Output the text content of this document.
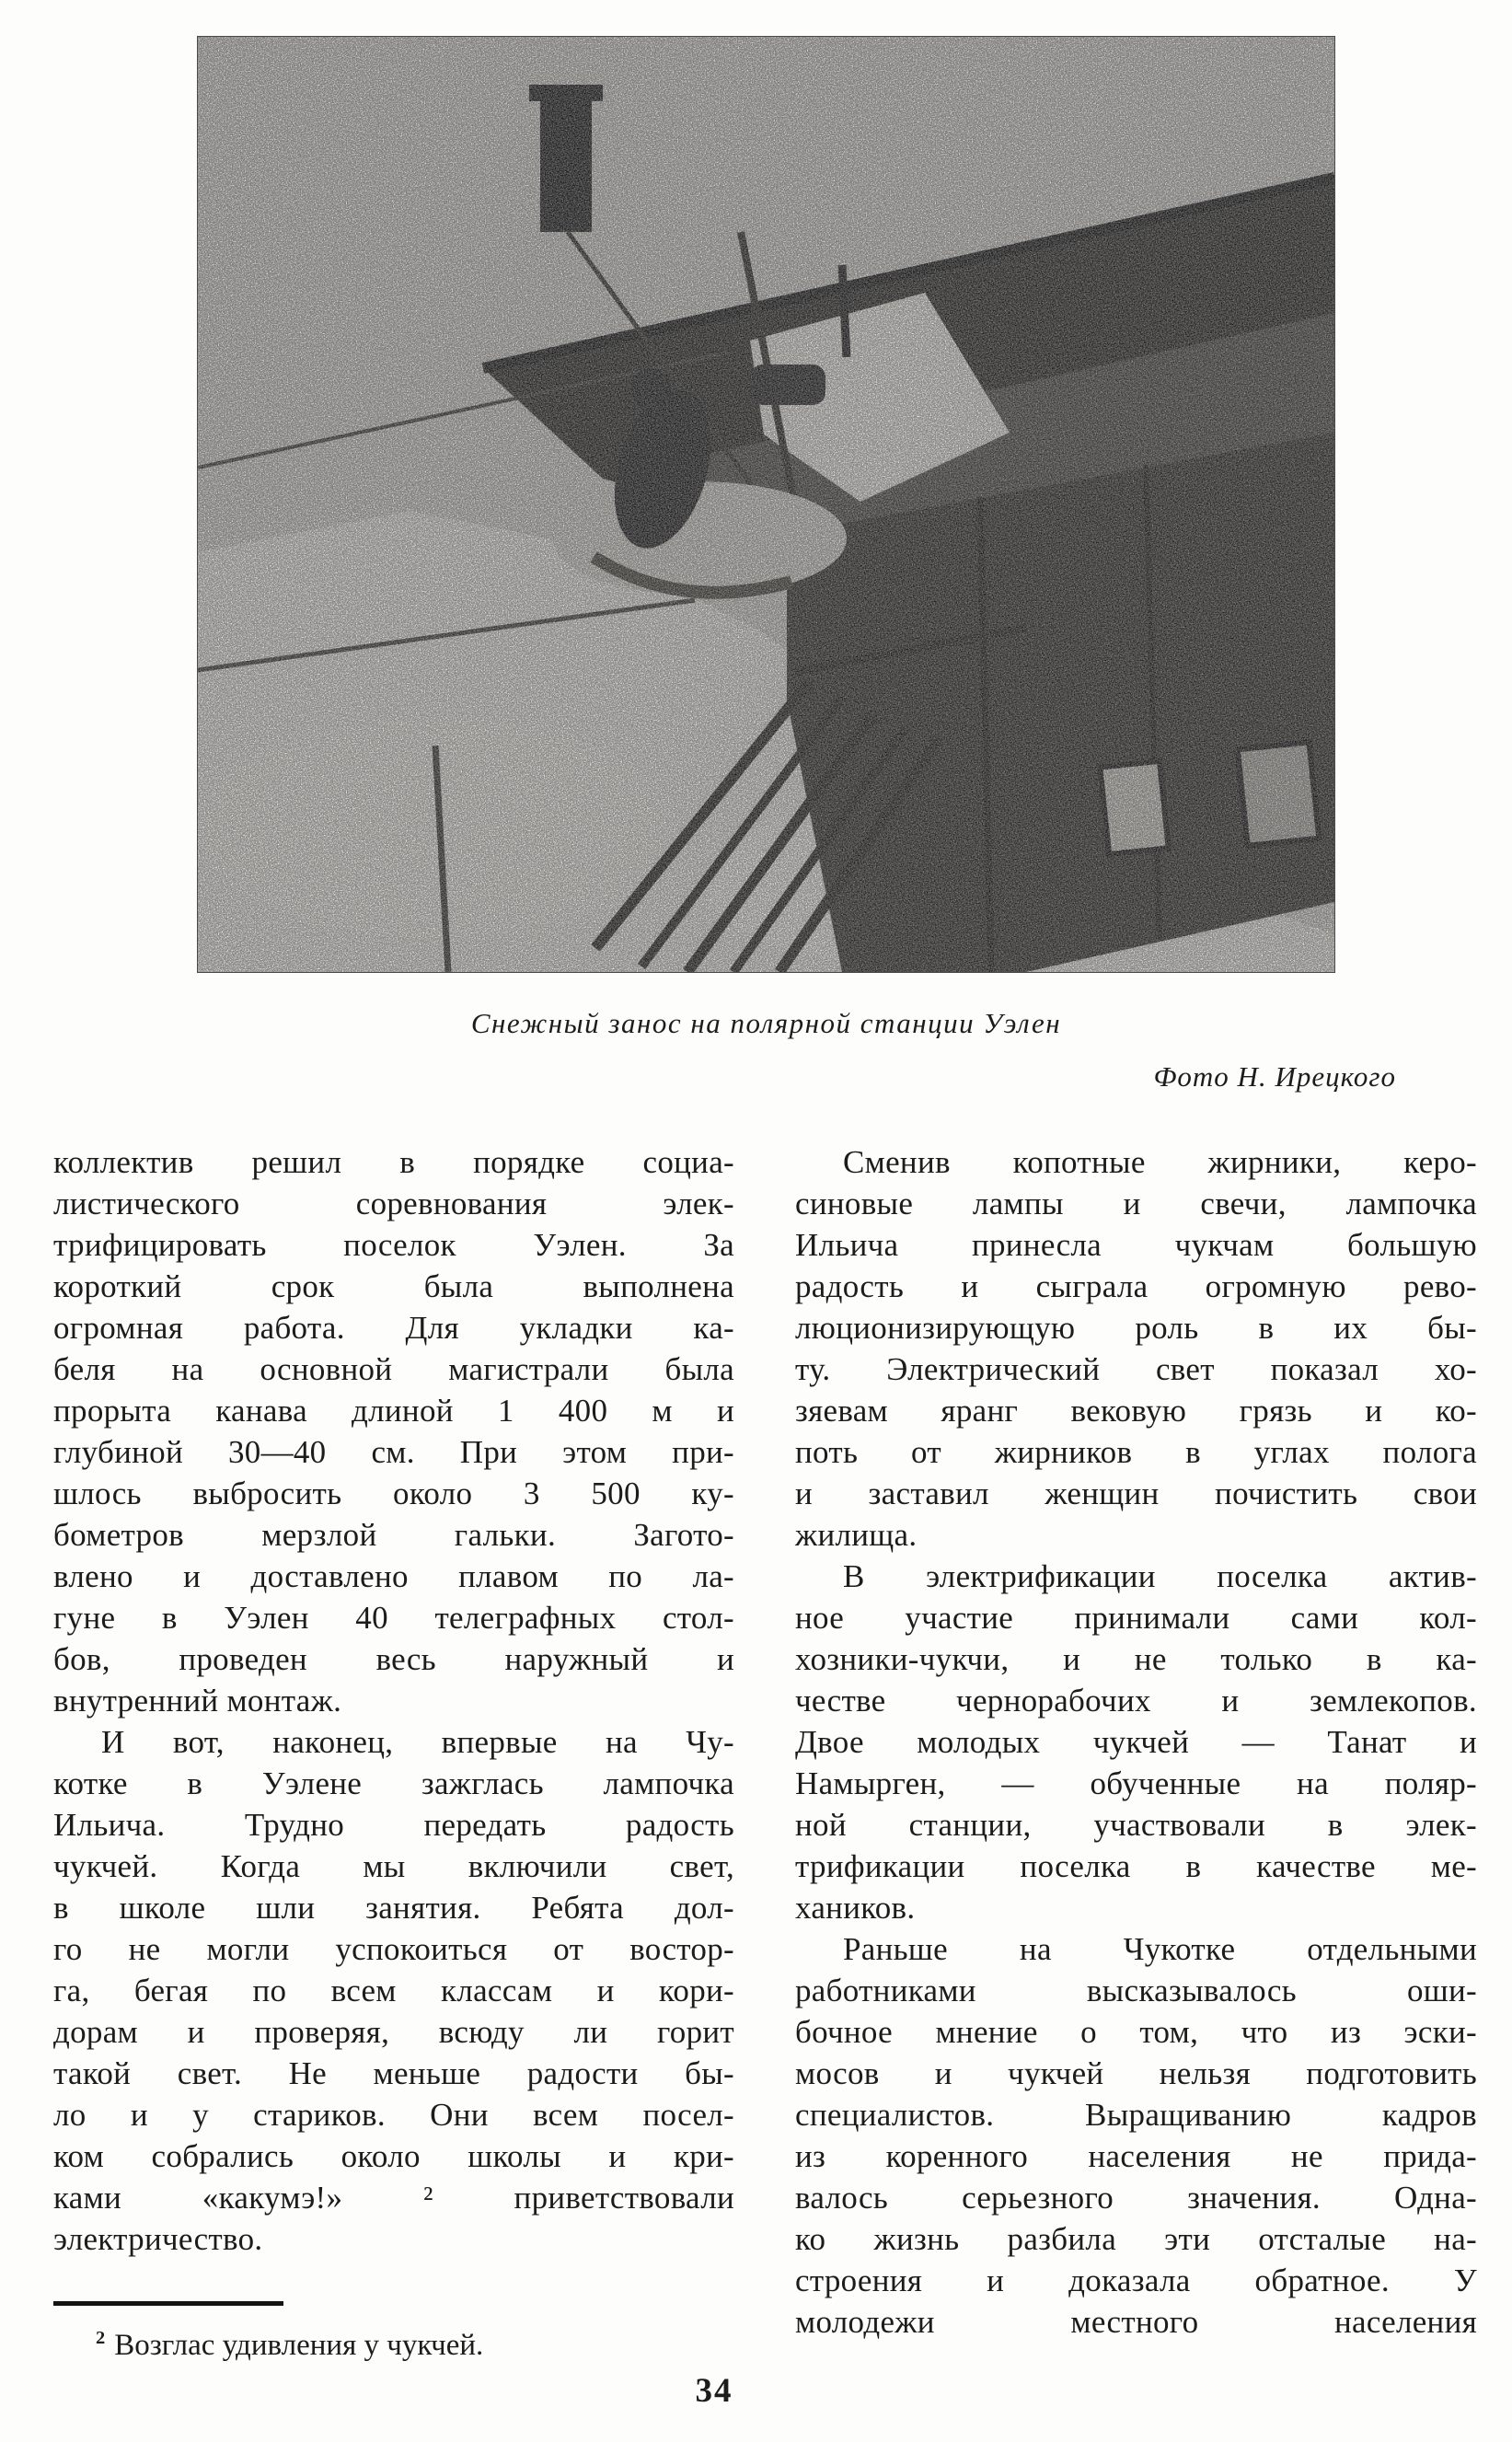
Снежный занос на полярной станции Уэлен
Фото Н. Ирецкого
коллектив решил в порядке социа-
листического соревнования элек-
трифицировать поселок Уэлен. За
короткий срок была выполнена
огромная работа. Для укладки ка-
беля на основной магистрали была
прорыта канава длиной 1 400 м и
глубиной 30—40 см. При этом при-
шлось выбросить около 3 500 ку-
бометров мерзлой гальки. Загото-
влено и доставлено плавом по ла-
гуне в Уэлен 40 телеграфных стол-
бов, проведен весь наружный и
внутренний монтаж.
И вот, наконец, впервые на Чу-
котке в Уэлене зажглась лампочка
Ильича. Трудно передать радость
чукчей. Когда мы включили свет,
в школе шли занятия. Ребята дол-
го не могли успокоиться от востор-
га, бегая по всем классам и кори-
дорам и проверяя, всюду ли горит
такой свет. Не меньше радости бы-
ло и у стариков. Они всем посел-
ком собрались около школы и кри-
ками «какумэ!» ² приветствовали
электричество.
Сменив копотные жирники, керо-
синовые лампы и свечи, лампочка
Ильича принесла чукчам большую
радость и сыграла огромную рево-
люционизирующую роль в их бы-
ту. Электрический свет показал хо-
зяевам яранг вековую грязь и ко-
поть от жирников в углах полога
и заставил женщин почистить свои
жилища.
В электрификации поселка актив-
ное участие принимали сами кол-
хозники-чукчи, и не только в ка-
честве чернорабочих и землекопов.
Двое молодых чукчей — Танат и
Намырген, — обученные на поляр-
ной станции, участвовали в элек-
трификации поселка в качестве ме-
хаников.
Раньше на Чукотке отдельными
работниками высказывалось оши-
бочное мнение о том, что из эски-
мосов и чукчей нельзя подготовить
специалистов. Выращиванию кадров
из коренного населения не прида-
валось серьезного значения. Одна-
ко жизнь разбила эти отсталые на-
строения и доказала обратное. У
молодежи местного населения
$^2$ Возглас удивления у чукчей.
34
